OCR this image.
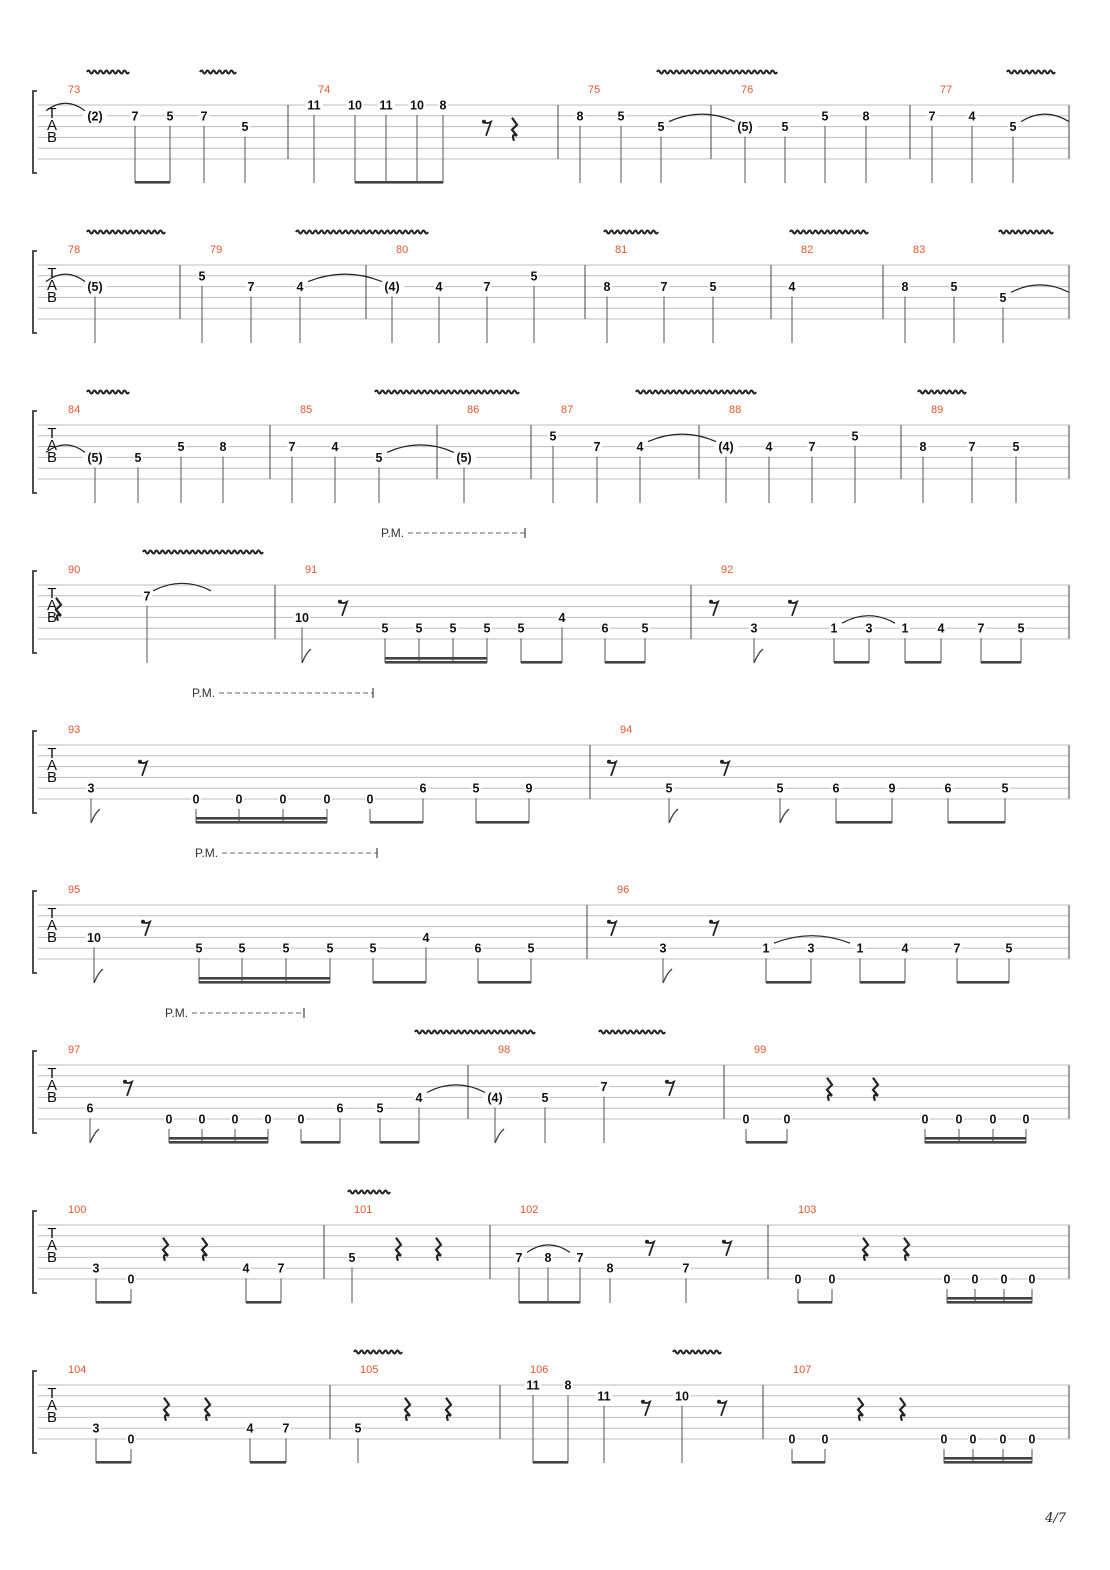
T
A
B
73
(2) 7 5 7
5
74
11 10 11 10 8
75
8	5
5
76
(5) 5
5	8
77
7	4
5
T
A
B
78
(5)
79
5
7	4
80
(4)	4	7
5
81
8	7	5
82
4
83
8	5
5
T
A
B
84
(5)	5
5	8
85
7	4
5
86
(5)
87
5
7	4
88
(4)	4	7
5
89
8	7	5
T
A
B
90
7
91
10
5 5 5 5 5
4
6	5
92
3	1 3 1 4	7	5
T
A
B
93
3
0	0	0	0	0
6	5	9
94
5	5	6	9	6	5
T
A
B
95
10
5	5	5	5	5
4
6	5
96
3	1	3	1	4	7	5
T
A
B
97
6
0 0 0 0 0
6	5
4
98
(4)	5
7
99
0	0	0 0 0 0
T
A
B
100
3
0
4 7
101
5
102
7 8 7
8	7
103
0 0	0 0 0 0
T
A
B
104
3
0
4 7
105
5
106
11 8
11	10
107
0 0	0 0 0 0
P.M.
P.M.
P.M.
P.M.
4/7
